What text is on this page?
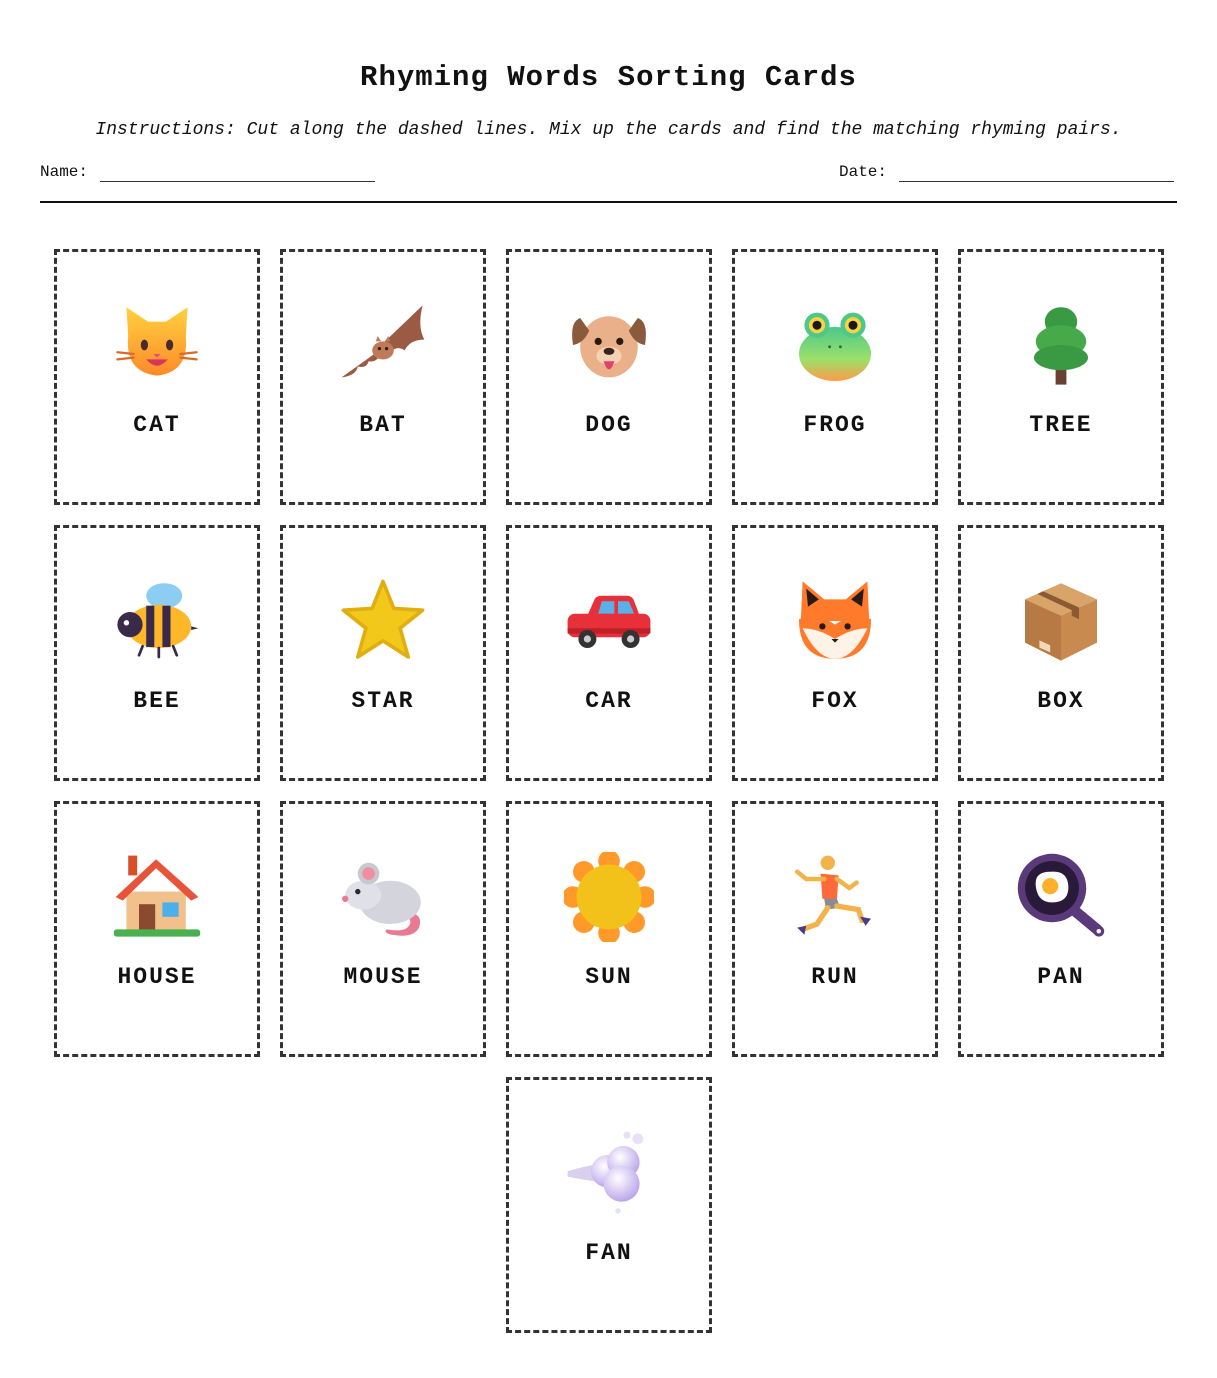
Rhyming Words Sorting Cards
Instructions: Cut along the dashed lines. Mix up the cards and find the matching rhyming pairs.
Name:	Date:
CAT	BAT	DOG	FROG	TREE
BEE	STAR	CAR	FOX	BOX
HOUSE	MOUSE	SUN	RUN	PAN
FAN
